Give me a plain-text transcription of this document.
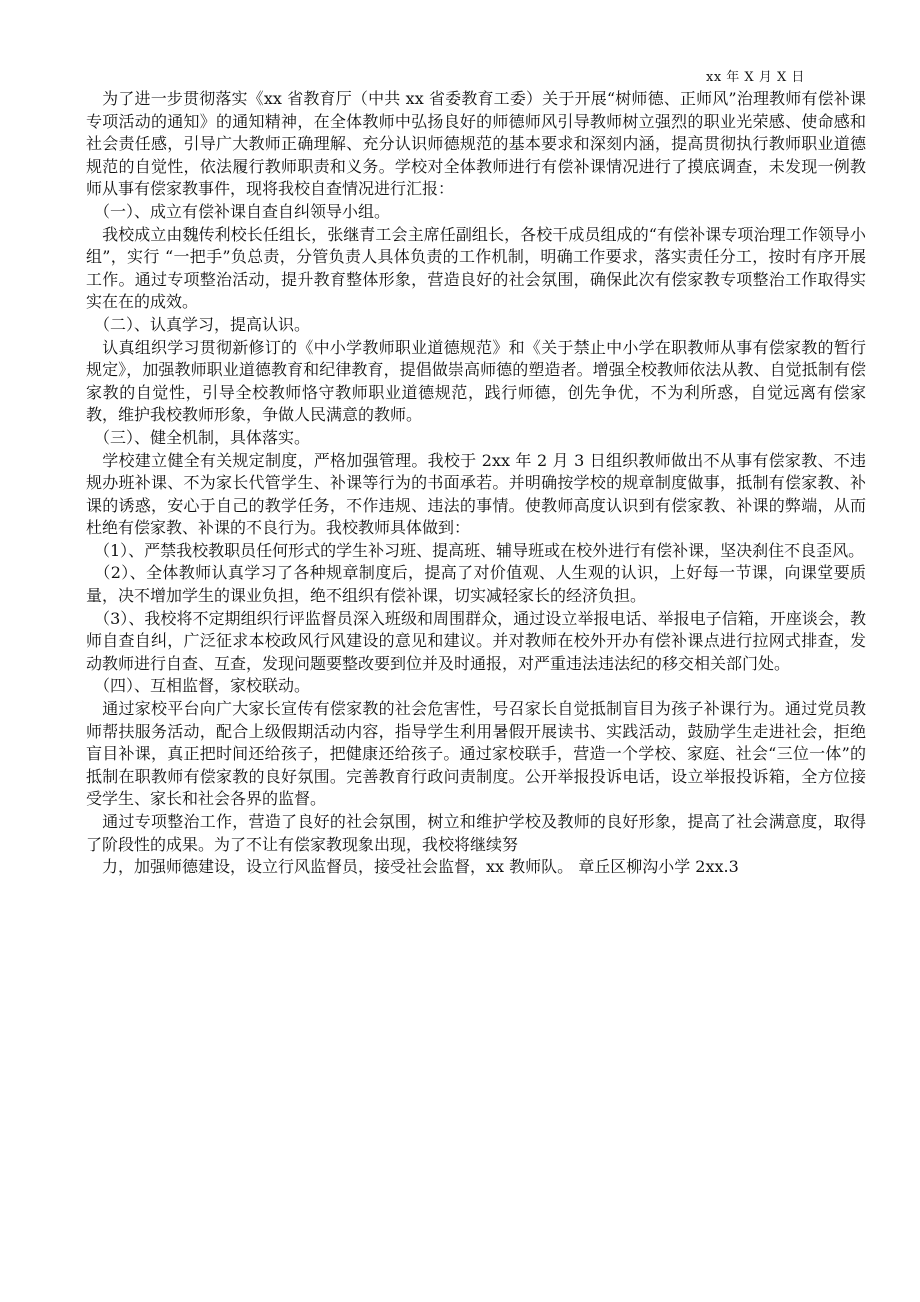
xx 年 X 月 X 日

　为了进一步贯彻落实《xx 省教育厅（中共 xx 省委教育工委）关于开展“树师德、正师风”治理教师有偿补课 专项活动的通知》的通知精神，在全体教师中弘扬良好的师德师风引导教师树立强烈的职业光荣感、使命感和社会责任感，引导广大教师正确理解、充分认识师德规范的基本要求和深刻内涵，提高贯彻执行教师职业道德规范的自觉性，依法履行教师职责和义务。学校对全体教师进行有偿补课情况进行了摸底调查，未发现一例教师从事有偿家教事件，现将我校自查情况进行汇报：

　（一）、成立有偿补课自查自纠领导小组。

　我校成立由魏传利校长任组长，张继青工会主席任副组长，各校干成员组成的“有偿补课专项治理工作领导小组”，实行 “一把手”负总责，分管负责人具体负责的工作机制，明确工作要求，落实责任分工，按时有序开展工作。通过专项整治活动，提升教育整体形象，营造良好的社会氛围，确保此次有偿家教专项整治工作取得实实在在的成效。

　（二）、认真学习，提高认识。

　认真组织学习贯彻新修订的《中小学教师职业道德规范》和《关于禁止中小学在职教师从事有偿家教的暂行规定》，加强教师职业道德教育和纪律教育，提倡做崇高师德的塑造者。增强全校教师依法从教、自觉抵制有偿家教的自觉性，引导全校教师恪守教师职业道德规范，践行师德，创先争优，不为利所惑，自觉远离有偿家教，维护我校教师形象，争做人民满意的教师。

　（三）、健全机制，具体落实。

　学校建立健全有关规定制度，严格加强管理。我校于 2xx 年 2 月 3 日组织教师做出不从事有偿家教、不违规办班补课、不为家长代管学生、补课等行为的书面承若。并明确按学校的规章制度做事，抵制有偿家教、补课的诱惑，安心于自己的教学任务，不作违规、违法的事情。使教师高度认识到有偿家教、补课的弊端，从而杜绝有偿家教、补课的不良行为。我校教师具体做到：

　（1）、严禁我校教职员任何形式的学生补习班、提高班、辅导班或在校外进行有偿补课，坚决刹住不良歪风。

　（2）、全体教师认真学习了各种规章制度后，提高了对价值观、人生观的认识，上好每一节课，向课堂要质量，决不增加学生的课业负担，绝不组织有偿补课，切实减轻家长的经济负担。

　（3）、我校将不定期组织行评监督员深入班级和周围群众，通过设立举报电话、举报电子信箱，开座谈会，教师自查自纠，广泛征求本校政风行风建设的意见和建议。并对教师在校外开办有偿补课点进行拉网式排查，发动教师进行自查、互查，发现问题要整改要到位并及时通报，对严重违法违法纪的移交相关部门处。

　（四）、互相监督，家校联动。

　通过家校平台向广大家长宣传有偿家教的社会危害性，号召家长自觉抵制盲目为孩子补课行为。通过党员教师帮扶服务活动，配合上级假期活动内容，指导学生利用暑假开展读书、实践活动，鼓励学生走进社会，拒绝盲目补课，真正把时间还给孩子，把健康还给孩子。通过家校联手，营造一个学校、家庭、社会“三位一体”的抵制在职教师有偿家教的良好氛围。完善教育行政问责制度。公开举报投诉电话，设立举报投诉箱，全方位接受学生、家长和社会各界的监督。

　通过专项整治工作，营造了良好的社会氛围，树立和维护学校及教师的良好形象，提高了社会满意度，取得了阶段性的成果。为了不让有偿家教现象出现，我校将继续努

　力，加强师德建设，设立行风监督员，接受社会监督，xx 教师队。 章丘区柳沟小学 2xx.3
